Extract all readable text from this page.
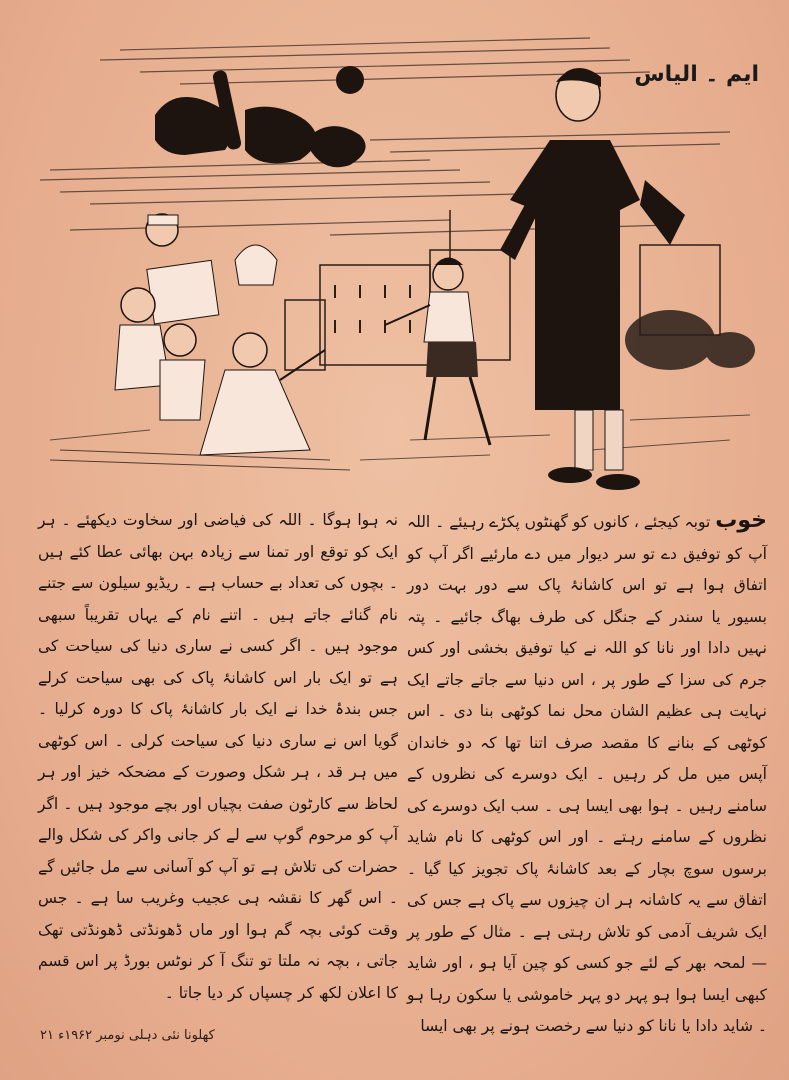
ایم ۔ الیاس

خوب توبہ کیجئے ، کانوں کو گھنٹوں پکڑے رہیئے ۔ اللہ آپ کو توفیق دے تو سر دیوار میں دے مارئیے اگر آپ کو اتفاق ہوا ہے تو اس کاشانۂ پاک سے دور بہت دور بسیور یا سندر کے جنگل کی طرف بھاگ جائیے ۔ پتہ نہیں دادا اور نانا کو اللہ نے کیا توفیق بخشی اور کس جرم کی سزا کے طور پر ، اس دنیا سے جاتے جاتے ایک نہایت ہی عظیم الشان محل نما کوٹھی بنا دی ۔ اس کوٹھی کے بنانے کا مقصد صرف اتنا تھا کہ دو خاندان آپس میں مل کر رہیں ۔ ایک دوسرے کی نظروں کے سامنے رہیں ۔ ہوا بھی ایسا ہی ۔ سب ایک دوسرے کی نظروں کے سامنے رہتے ۔ اور اس کوٹھی کا نام شاید برسوں سوچ بچار کے بعد کاشانۂ پاک تجویز کیا گیا ۔ اتفاق سے یہ کاشانہ ہر ان چیزوں سے پاک ہے جس کی ایک شریف آدمی کو تلاش رہتی ہے ۔ مثال کے طور پر — لمحہ بھر کے لئے جو کسی کو چین آیا ہو ، اور شاید کبھی ایسا ہوا ہو پہر دو پہر خاموشی یا سکون رہا ہو ۔ شاید دادا یا نانا کو دنیا سے رخصت ہونے پر بھی ایسا

نہ ہوا ہوگا ۔ اللہ کی فیاضی اور سخاوت دیکھئے ۔ ہر ایک کو توقع اور تمنا سے زیادہ بہن بھائی عطا کئے ہیں ۔ بچوں کی تعداد بے حساب ہے ۔ ریڈیو سیلون سے جتنے نام گنائے جاتے ہیں ۔ اتنے نام کے یہاں تقریباً سبھی موجود ہیں ۔ اگر کسی نے ساری دنیا کی سیاحت کی ہے تو ایک بار اس کاشانۂ پاک کی بھی سیاحت کرلے جس بندۂ خدا نے ایک بار کاشانۂ پاک کا دورہ کرلیا ۔ گویا اس نے ساری دنیا کی سیاحت کرلی ۔ اس کوٹھی میں ہر قد ، ہر شکل وصورت کے مضحکہ خیز اور ہر لحاظ سے کارٹون صفت بچیاں اور بچے موجود ہیں ۔ اگر آپ کو مرحوم گوپ سے لے کر جانی واکر کی شکل والے حضرات کی تلاش ہے تو آپ کو آسانی سے مل جائیں گے ۔ اس گھر کا نقشہ ہی عجیب وغریب سا ہے ۔ جس وقت کوئی بچہ گم ہوا اور ماں ڈھونڈتی ڈھونڈتی تھک جاتی ، بچہ نہ ملتا تو تنگ آ کر نوٹس بورڈ پر اس قسم کا اعلان لکھ کر چسپاں کر دیا جاتا ۔

کھلونا نئی دہلی نومبر ۱۹۶۲ء ۲۱
